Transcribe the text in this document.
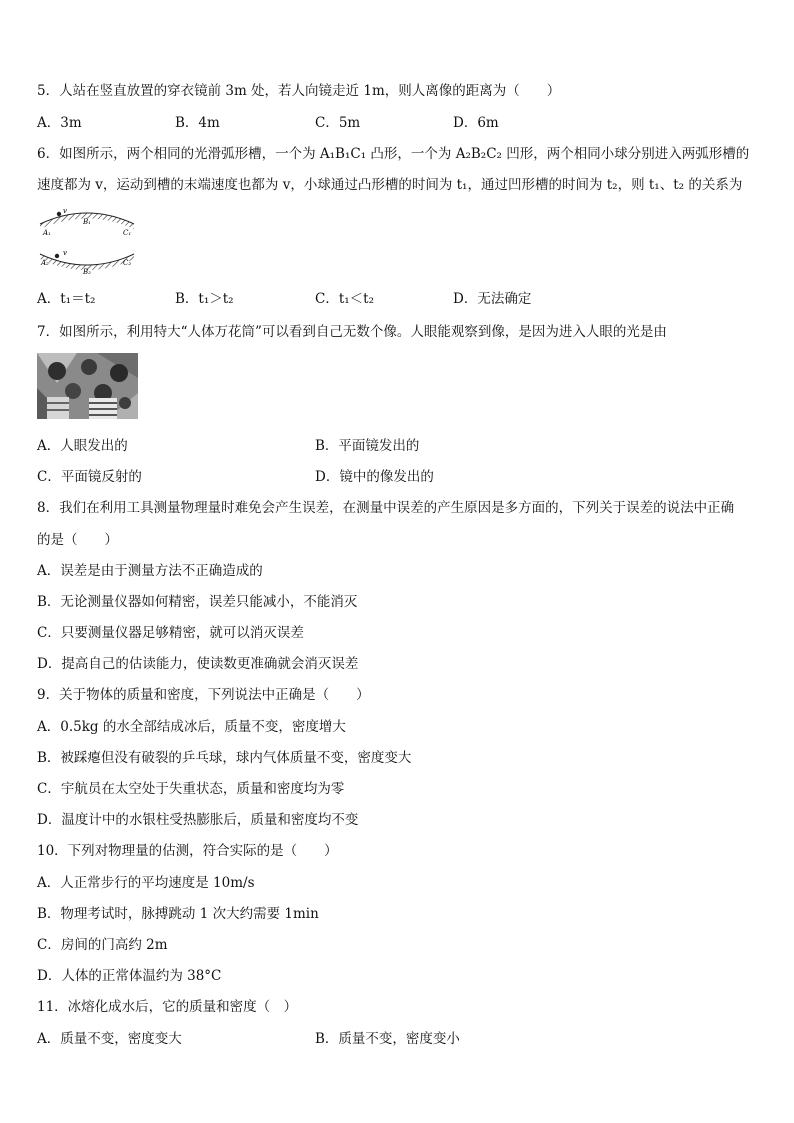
5．人站在竖直放置的穿衣镜前 3m 处，若人向镜走近 1m，则人离像的距离为（　　）
A．3m	B．4m	C．5m	D．6m
6．如图所示，两个相同的光滑弧形槽，一个为 A₁B₁C₁ 凸形，一个为 A₂B₂C₂ 凹形，两个相同小球分别进入两弧形槽的
速度都为 v，运动到槽的末端速度也都为 v，小球通过凸形槽的时间为 t₁，通过凹形槽的时间为 t₂，则 t₁、t₂ 的关系为
v
A₁
B₁
C₁
v
A₂
B₂
C₂
A．t₁＝t₂	B．t₁＞t₂	C．t₁＜t₂	D．无法确定
7．如图所示，利用特大“人体万花筒”可以看到自己无数个像。人眼能观察到像，是因为进入人眼的光是由
A．人眼发出的	B．平面镜发出的
C．平面镜反射的	D．镜中的像发出的
8．我们在利用工具测量物理量时难免会产生误差，在测量中误差的产生原因是多方面的，下列关于误差的说法中正确
的是（　　）
A．误差是由于测量方法不正确造成的
B．无论测量仪器如何精密，误差只能减小，不能消灭
C．只要测量仪器足够精密，就可以消灭误差
D．提高自己的估读能力，使读数更准确就会消灭误差
9．关于物体的质量和密度，下列说法中正确是（　　）
A．0.5kg 的水全部结成冰后，质量不变，密度增大
B．被踩瘪但没有破裂的乒乓球，球内气体质量不变，密度变大
C．宇航员在太空处于失重状态，质量和密度均为零
D．温度计中的水银柱受热膨胀后，质量和密度均不变
10．下列对物理量的估测，符合实际的是（　　）
A．人正常步行的平均速度是 10m/s
B．物理考试时，脉搏跳动 1 次大约需要 1min
C．房间的门高约 2m
D．人体的正常体温约为 38°C
11．冰熔化成水后，它的质量和密度（　）
A．质量不变，密度变大	B．质量不变，密度变小
